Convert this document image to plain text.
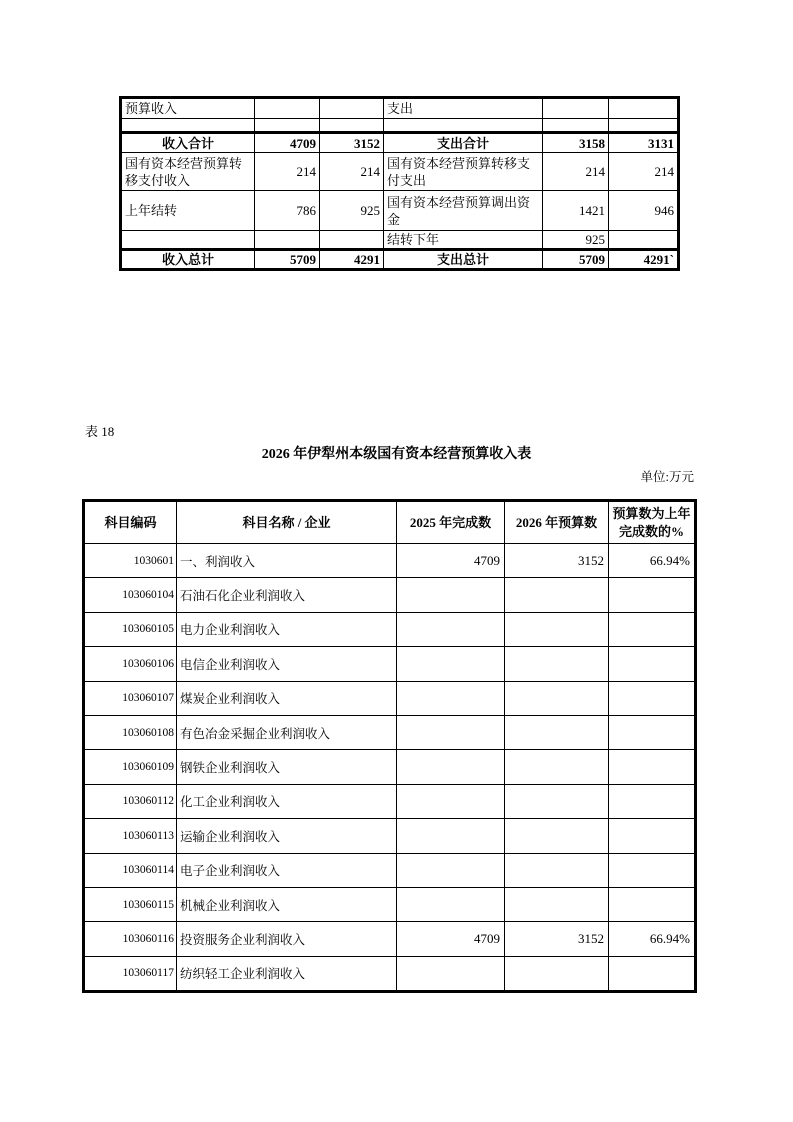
预算收入			支出		

收入合计	4709	3152	支出合计	3158	3131
国有资本经营预算转移支付收入	214	214	国有资本经营预算转移支付支出	214	214
上年结转	786	925	国有资本经营预算调出资金	1421	946
			结转下年	925	
收入总计	5709	4291	支出总计	5709	4291`
表 18
2026 年伊犁州本级国有资本经营预算收入表
单位:万元
科目编码	科目名称 / 企业	2025 年完成数	2026 年预算数	预算数为上年完成数的%
1030601	一、利润收入	4709	3152	66.94%
103060104	石油石化企业利润收入			
103060105	电力企业利润收入			
103060106	电信企业利润收入			
103060107	煤炭企业利润收入			
103060108	有色冶金采掘企业利润收入			
103060109	钢铁企业利润收入			
103060112	化工企业利润收入			
103060113	运输企业利润收入			
103060114	电子企业利润收入			
103060115	机械企业利润收入			
103060116	投资服务企业利润收入	4709	3152	66.94%
103060117	纺织轻工企业利润收入			
